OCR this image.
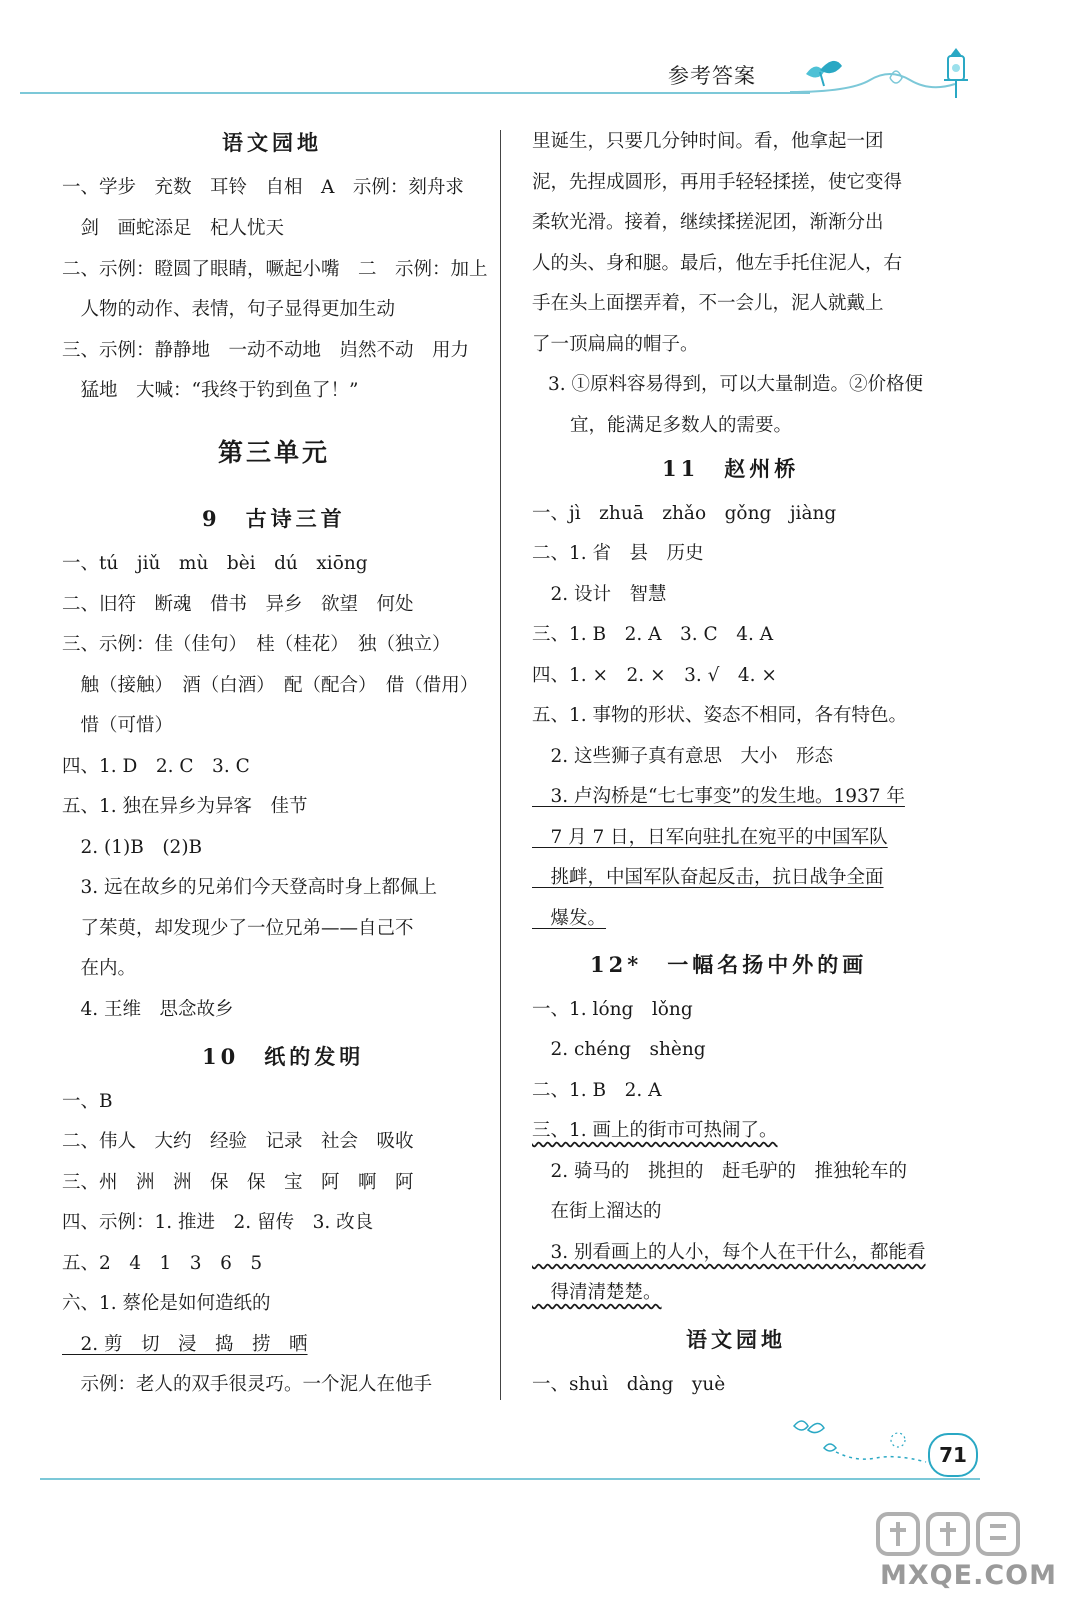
参考答案
语文园地
一、学步　充数　耳铃　自相　A　示例：刻舟求
　剑　画蛇添足　杞人忧天
二、示例：瞪圆了眼睛，噘起小嘴　二　示例：加上
　人物的动作、表情，句子显得更加生动
三、示例：静静地　一动不动地　岿然不动　用力
　猛地　大喊：“我终于钓到鱼了！”
第三单元
9　古诗三首
一、tú　jiǔ　mù　bèi　dú　xiōng
二、旧符　断魂　借书　异乡　欲望　何处
三、示例：佳（佳句）　桂（桂花）　独（独立）
　触（接触）　酒（白酒）　配（配合）　借（借用）
　惜（可惜）
四、1. D　2. C　3. C
五、1. 独在异乡为异客　佳节
　2. (1)B　(2)B
　3. 远在故乡的兄弟们今天登高时身上都佩上
　了茱萸，却发现少了一位兄弟——自己不
　在内。
　4. 王维　思念故乡
10　纸的发明
一、B
二、伟人　大约　经验　记录　社会　吸收
三、州　洲　洲　保　保　宝　阿　啊　阿
四、示例：1. 推进　2. 留传　3. 改良
五、2　4　1　3　6　5
六、1. 蔡伦是如何造纸的
　2. 剪　切　浸　捣　捞　晒
　示例：老人的双手很灵巧。一个泥人在他手
里诞生，只要几分钟时间。看，他拿起一团
泥，先捏成圆形，再用手轻轻揉搓，使它变得
柔软光滑。接着，继续揉搓泥团，渐渐分出
人的头、身和腿。最后，他左手托住泥人，右
手在头上面摆弄着，不一会儿，泥人就戴上
了一顶扁扁的帽子。
3. ①原料容易得到，可以大量制造。②价格便
宜，能满足多数人的需要。
11　赵州桥
一、jì　zhuā　zhǎo　gǒng　jiàng
二、1. 省　县　历史
　2. 设计　智慧
三、1. B　2. A　3. C　4. A
四、1. ×　2. ×　3. √　4. ×
五、1. 事物的形状、姿态不相同，各有特色。
　2. 这些狮子真有意思　大小　形态
　3. 卢沟桥是“七七事变”的发生地。1937 年
　7 月 7 日，日军向驻扎在宛平的中国军队
　挑衅，中国军队奋起反击，抗日战争全面
　爆发。
12*　一幅名扬中外的画
一、1. lóng　lǒng
　2. chéng　shèng
二、1. B　2. A
三、1. 画上的街市可热闹了。
　2. 骑马的　挑担的　赶毛驴的　推独轮车的
　在街上溜达的
　3. 别看画上的人小，每个人在干什么，都能看
　得清清楚楚。
语文园地
一、shuì　dàng　yuè
71
MXQE.COM
